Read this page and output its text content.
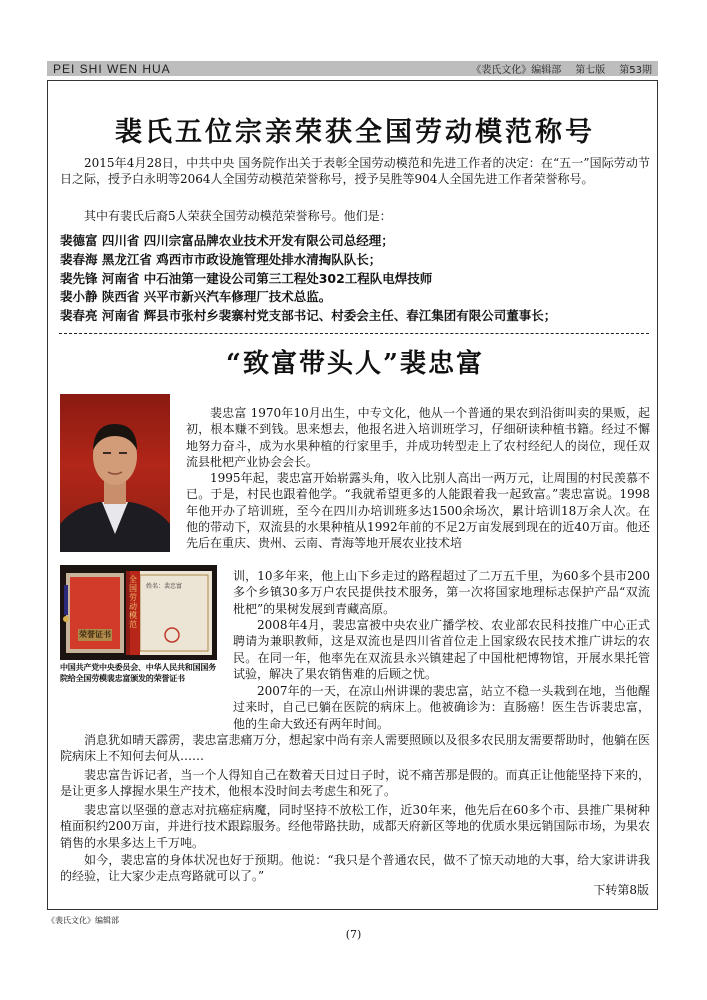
PEI SHI WEN HUA	《裴氏文化》编辑部 第七版 第53期
裴氏五位宗亲荣获全国劳动模范称号
2015年4月28日，中共中央 国务院作出关于表彰全国劳动模范和先进工作者的决定：在“五一”国际劳动节日之际，授予白永明等2064人全国劳动模范荣誉称号，授予吴胜等904人全国先进工作者荣誉称号。
其中有裴氏后裔5人荣获全国劳动模范荣誉称号。他们是：
裴德富 四川省 四川宗富品牌农业技术开发有限公司总经理；
裴春海 黑龙江省 鸡西市市政设施管理处排水清掏队队长；
裴先锋 河南省 中石油第一建设公司第三工程处302工程队电焊技师
裴小静 陕西省 兴平市新兴汽车修理厂技术总监。
裴春亮 河南省 辉县市张村乡裴寨村党支部书记、村委会主任、春江集团有限公司董事长；
“致富带头人”裴忠富
裴忠富 1970年10月出生，中专文化，他从一个普通的果农到沿街叫卖的果贩，起初，根本赚不到钱。思来想去，他报名进入培训班学习，仔细研读种植书籍。经过不懈地努力奋斗，成为水果种植的行家里手，并成功转型走上了农村经纪人的岗位，现任双流县枇杷产业协会会长。
1995年起，裴忠富开始崭露头角，收入比别人高出一两万元，让周围的村民羡慕不已。于是，村民也跟着他学。“我就希望更多的人能跟着我一起致富。”裴忠富说。1998年他开办了培训班，至今在四川办培训班多达1500余场次，累计培训18万余人次。在他的带动下，双流县的水果种植从1992年前的不足2万亩发展到现在的近40万亩。他还先后在重庆、贵州、云南、青海等地开展农业技术培
全国劳动模范
姓名：裴忠富
荣誉证书
中国共产党中央委员会、中华人民共和国国务院给全国劳模裴忠富颁发的荣誉证书
训，10多年来，他上山下乡走过的路程超过了二万五千里，为60多个县市200多个乡镇30多万户农民提供技术服务，第一次将国家地理标志保护产品“双流枇杷”的果树发展到青藏高原。
2008年4月，裴忠富被中央农业广播学校、农业部农民科技推广中心正式聘请为兼职教师，这是双流也是四川省首位走上国家级农民技术推广讲坛的农民。在同一年，他率先在双流县永兴镇建起了中国枇杷博物馆，开展水果托管试验，解决了果农销售难的后顾之忧。
2007年的一天，在凉山州讲课的裴忠富，站立不稳一头栽到在地，当他醒过来时，自己已躺在医院的病床上。他被确诊为：直肠癌！医生告诉裴忠富，他的生命大致还有两年时间。
消息犹如晴天霹雳，裴忠富悲痛万分，想起家中尚有亲人需要照顾以及很多农民朋友需要帮助时，他躺在医院病床上不知何去何从……
裴忠富告诉记者，当一个人得知自己在数着天日过日子时，说不痛苦那是假的。而真正让他能坚持下来的，是让更多人撑握水果生产技术，他根本没时间去考虑生和死了。
裴忠富以坚强的意志对抗癌症病魔，同时坚持不放松工作，近30年来，他先后在60多个市、县推广果树种植面积约200万亩，并进行技术跟踪服务。经他带路扶助，成都天府新区等地的优质水果远销国际市场，为果农销售的水果多达上千万吨。
如今，裴忠富的身体状况也好于预期。他说：“我只是个普通农民，做不了惊天动地的大事，给大家讲讲我的经验，让大家少走点弯路就可以了。”
下转第8版
《裴氏文化》编辑部
(7)
